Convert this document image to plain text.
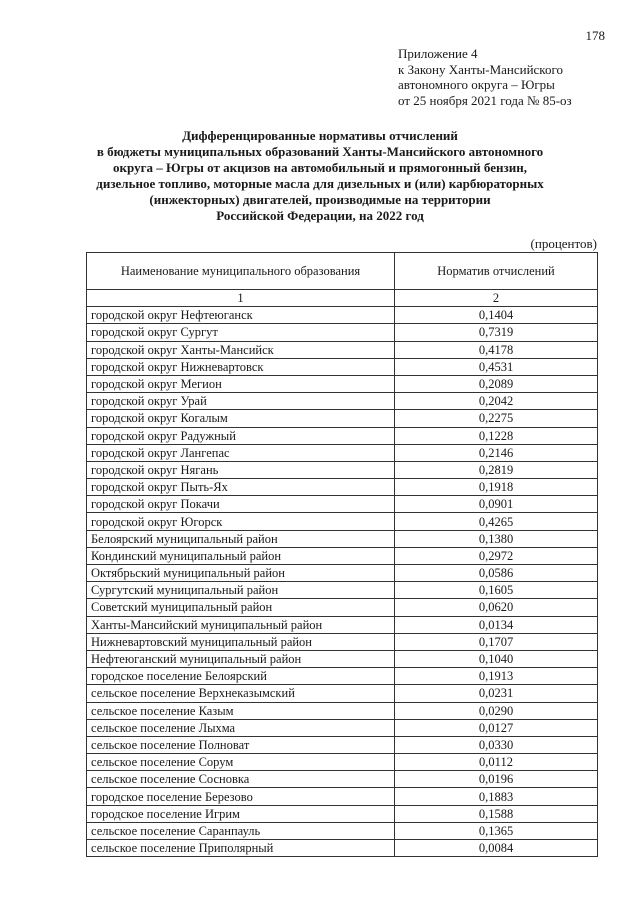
178
Приложение 4
к Закону Ханты-Мансийского
автономного округа – Югры
от 25 ноября 2021 года № 85-оз
Дифференцированные нормативы отчислений
в бюджеты муниципальных образований Ханты-Мансийского автономного
округа – Югры от акцизов на автомобильный и прямогонный бензин,
дизельное топливо, моторные масла для дизельных и (или) карбюраторных
(инжекторных) двигателей, производимые на территории
Российской Федерации, на 2022 год
(процентов)
Наименование муниципального образования	Норматив отчислений
1	2
городской округ Нефтеюганск	0,1404
городской округ Сургут	0,7319
городской округ Ханты-Мансийск	0,4178
городской округ Нижневартовск	0,4531
городской округ Мегион	0,2089
городской округ Урай	0,2042
городской округ Когалым	0,2275
городской округ Радужный	0,1228
городской округ Лангепас	0,2146
городской округ Нягань	0,2819
городской округ Пыть-Ях	0,1918
городской округ Покачи	0,0901
городской округ Югорск	0,4265
Белоярский муниципальный район	0,1380
Кондинский муниципальный район	0,2972
Октябрьский муниципальный район	0,0586
Сургутский муниципальный район	0,1605
Советский муниципальный район	0,0620
Ханты-Мансийский муниципальный район	0,0134
Нижневартовский муниципальный район	0,1707
Нефтеюганский муниципальный район	0,1040
городское поселение Белоярский	0,1913
сельское поселение Верхнеказымский	0,0231
сельское поселение Казым	0,0290
сельское поселение Лыхма	0,0127
сельское поселение Полноват	0,0330
сельское поселение Сорум	0,0112
сельское поселение Сосновка	0,0196
городское поселение Березово	0,1883
городское поселение Игрим	0,1588
сельское поселение Саранпауль	0,1365
сельское поселение Приполярный	0,0084
